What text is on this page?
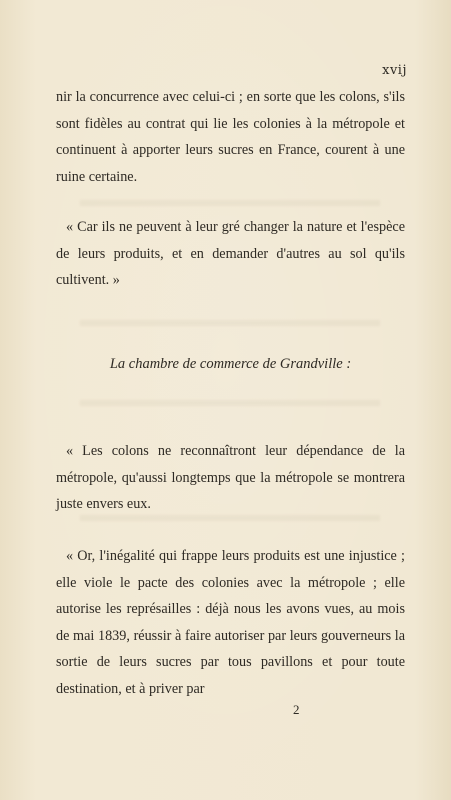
xvij
nir la concurrence avec celui-ci ; en sorte que les colons, s'ils sont fidèles au contrat qui lie les colonies à la métropole et continuent à apporter leurs sucres en France, courent à une ruine certaine.
« Car ils ne peuvent à leur gré changer la nature et l'espèce de leurs produits, et en demander d'autres au sol qu'ils cultivent. »
La chambre de commerce de Grandville :
« Les colons ne reconnaîtront leur dépendance de la métropole, qu'aussi longtemps que la métropole se montrera juste envers eux.
« Or, l'inégalité qui frappe leurs produits est une injustice ; elle viole le pacte des colonies avec la métropole ; elle autorise les représailles : déjà nous les avons vues, au mois de mai 1839, réussir à faire autoriser par leurs gouverneurs la sortie de leurs sucres par tous pavillons et pour toute destination, et à priver par
2
